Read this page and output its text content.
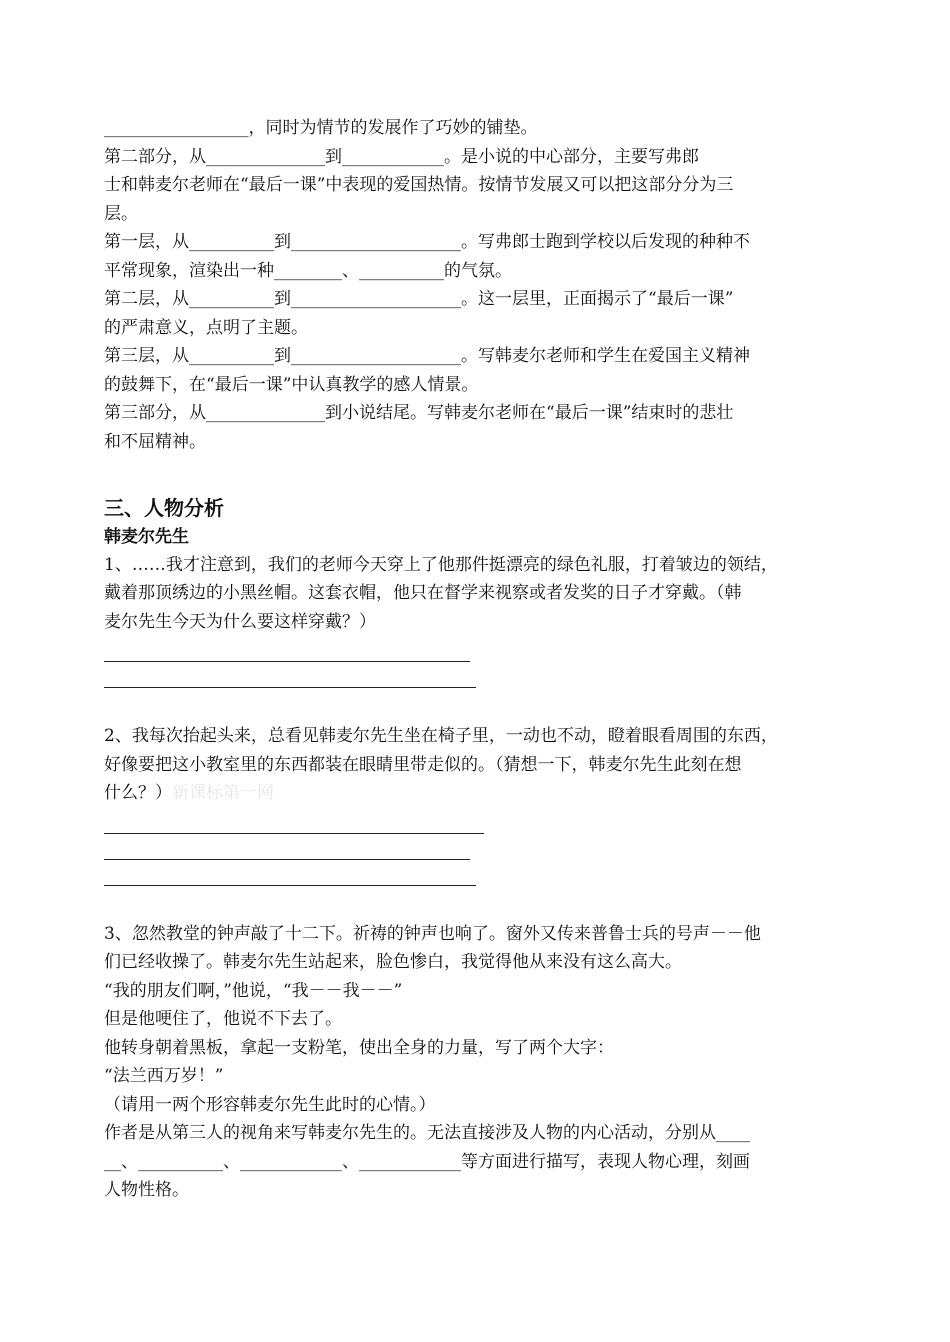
_________________，同时为情节的发展作了巧妙的铺垫。
第二部分，从______________到____________。是小说的中心部分，主要写弗郎
士和韩麦尔老师在“最后一课”中表现的爱国热情。按情节发展又可以把这部分分为三
层。
第一层，从__________到____________________。写弗郎士跑到学校以后发现的种种不
平常现象，渲染出一种________、__________的气氛。
第二层，从__________到____________________。这一层里，正面揭示了“最后一课”
的严肃意义，点明了主题。
第三层，从__________到____________________。写韩麦尔老师和学生在爱国主义精神
的鼓舞下，在“最后一课”中认真教学的感人情景。
第三部分，从______________到小说结尾。写韩麦尔老师在“最后一课”结束时的悲壮
和不屈精神。
三、人物分析
韩麦尔先生
1、……我才注意到，我们的老师今天穿上了他那件挺漂亮的绿色礼服，打着皱边的领结，
戴着那顶绣边的小黑丝帽。这套衣帽，他只在督学来视察或者发奖的日子才穿戴。（韩
麦尔先生今天为什么要这样穿戴？）
2、我每次抬起头来，总看见韩麦尔先生坐在椅子里，一动也不动，瞪着眼看周围的东西，
好像要把这小教室里的东西都装在眼睛里带走似的。（猜想一下，韩麦尔先生此刻在想
什么？）新课标第一网
3、忽然教堂的钟声敲了十二下。祈祷的钟声也响了。窗外又传来普鲁士兵的号声－－他
们已经收操了。韩麦尔先生站起来，脸色惨白，我觉得他从来没有这么高大。
“我的朋友们啊，”他说，“我－－我－－”
但是他哽住了，他说不下去了。
他转身朝着黑板，拿起一支粉笔，使出全身的力量，写了两个大字：
“法兰西万岁！”
（请用一两个形容韩麦尔先生此时的心情。）
作者是从第三人的视角来写韩麦尔先生的。无法直接涉及人物的内心活动，分别从____
__、__________、____________、____________等方面进行描写，表现人物心理，刻画
人物性格。
